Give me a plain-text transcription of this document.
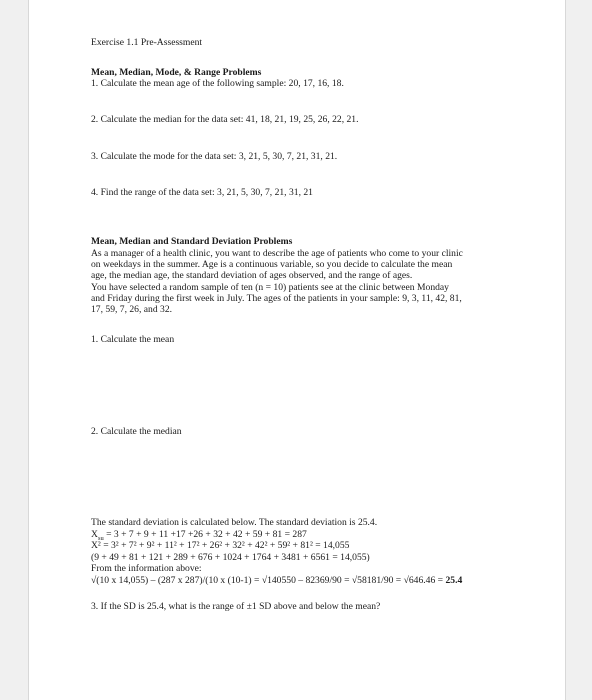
Exercise 1.1 Pre-Assessment
Mean, Median, Mode, & Range Problems
1. Calculate the mean age of the following sample: 20, 17, 16, 18.
2. Calculate the median for the data set: 41, 18, 21, 19, 25, 26, 22, 21.
3. Calculate the mode for the data set: 3, 21, 5, 30, 7, 21, 31, 21.
4. Find the range of the data set: 3, 21, 5, 30, 7, 21, 31, 21
Mean, Median and Standard Deviation Problems

As a manager of a health clinic, you want to describe the age of patients who come to your clinic

on weekdays in the summer. Age is a continuous variable, so you decide to calculate the mean

age, the median age, the standard deviation of ages observed, and the range of ages.

You have selected a random sample of ten (n = 10) patients see at the clinic between Monday

and Friday during the first week in July. The ages of the patients in your sample: 9, 3, 11, 42, 81,

17, 59, 7, 26, and 32.

1. Calculate the mean
2. Calculate the median

The standard deviation is calculated below. The standard deviation is 25.4.

$X_{su} = 3 + 7 + 9 + 11 +17 +26 + 32 + 42 + 59 + 81 = 287$

X² = 3² + 7² + 9² + 11² + 17² + 26² + 32² + 42² + 59² + 81² = 14,055

(9 + 49 + 81 + 121 + 289 + 676 + 1024 + 1764 + 3481 + 6561 = 14,055)

From the information above:

√(10 x 14,055) – (287 x 287)/(10 x (10-1) = √140550 – 82369/90 = √58181/90 = √646.46 = 25.4

3. If the SD is 25.4, what is the range of ±1 SD above and below the mean?
